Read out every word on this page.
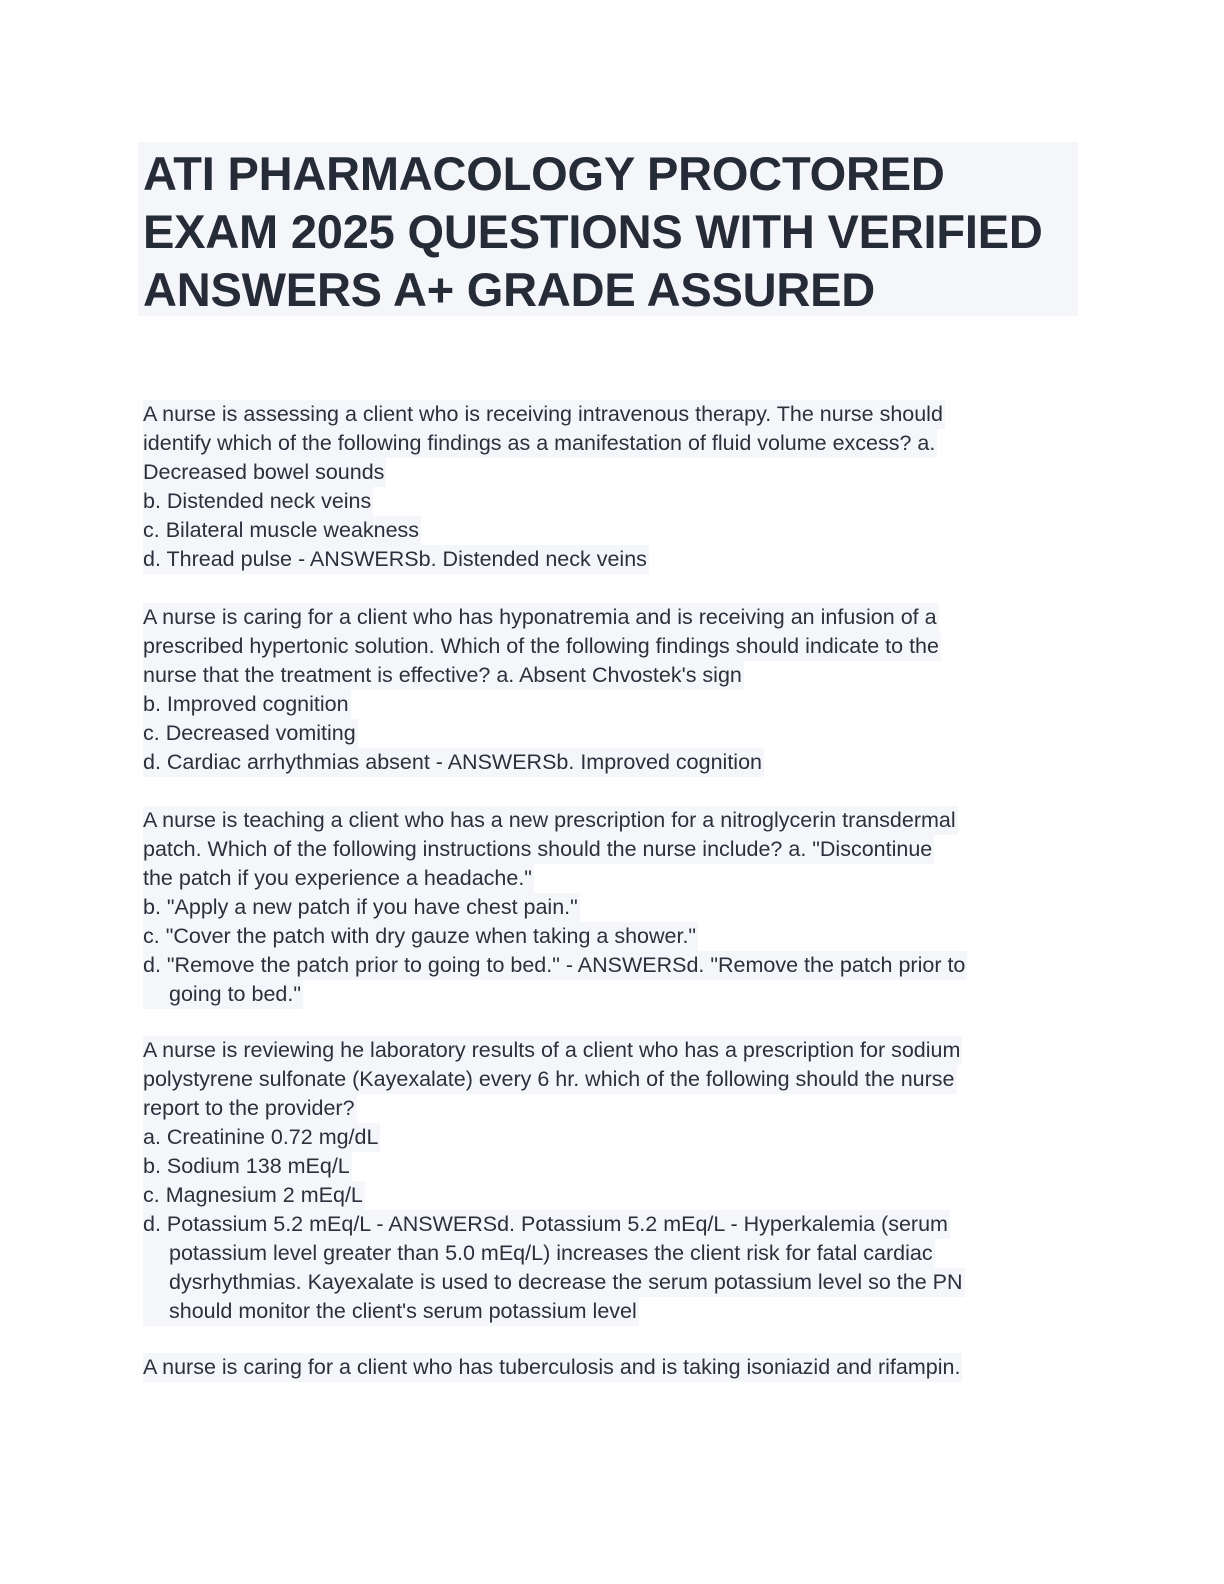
ATI PHARMACOLOGY PROCTORED EXAM 2025 QUESTIONS WITH VERIFIED ANSWERS A+ GRADE ASSURED
A nurse is assessing a client who is receiving intravenous therapy. The nurse should
identify which of the following findings as a manifestation of fluid volume excess? a.
Decreased bowel sounds
b. Distended neck veins
c. Bilateral muscle weakness
d. Thread pulse - ANSWERSb. Distended neck veins
A nurse is caring for a client who has hyponatremia and is receiving an infusion of a
prescribed hypertonic solution. Which of the following findings should indicate to the
nurse that the treatment is effective? a. Absent Chvostek's sign
b. Improved cognition
c. Decreased vomiting
d. Cardiac arrhythmias absent - ANSWERSb. Improved cognition
A nurse is teaching a client who has a new prescription for a nitroglycerin transdermal
patch. Which of the following instructions should the nurse include? a. "Discontinue
the patch if you experience a headache."
b. "Apply a new patch if you have chest pain."
c. "Cover the patch with dry gauze when taking a shower."
d. "Remove the patch prior to going to bed." - ANSWERSd. "Remove the patch prior to
going to bed."
A nurse is reviewing he laboratory results of a client who has a prescription for sodium
polystyrene sulfonate (Kayexalate) every 6 hr. which of the following should the nurse
report to the provider?
a. Creatinine 0.72 mg/dL
b. Sodium 138 mEq/L
c. Magnesium 2 mEq/L
d. Potassium 5.2 mEq/L - ANSWERSd. Potassium 5.2 mEq/L - Hyperkalemia (serum
potassium level greater than 5.0 mEq/L) increases the client risk for fatal cardiac
dysrhythmias. Kayexalate is used to decrease the serum potassium level so the PN
should monitor the client's serum potassium level
A nurse is caring for a client who has tuberculosis and is taking isoniazid and rifampin.
